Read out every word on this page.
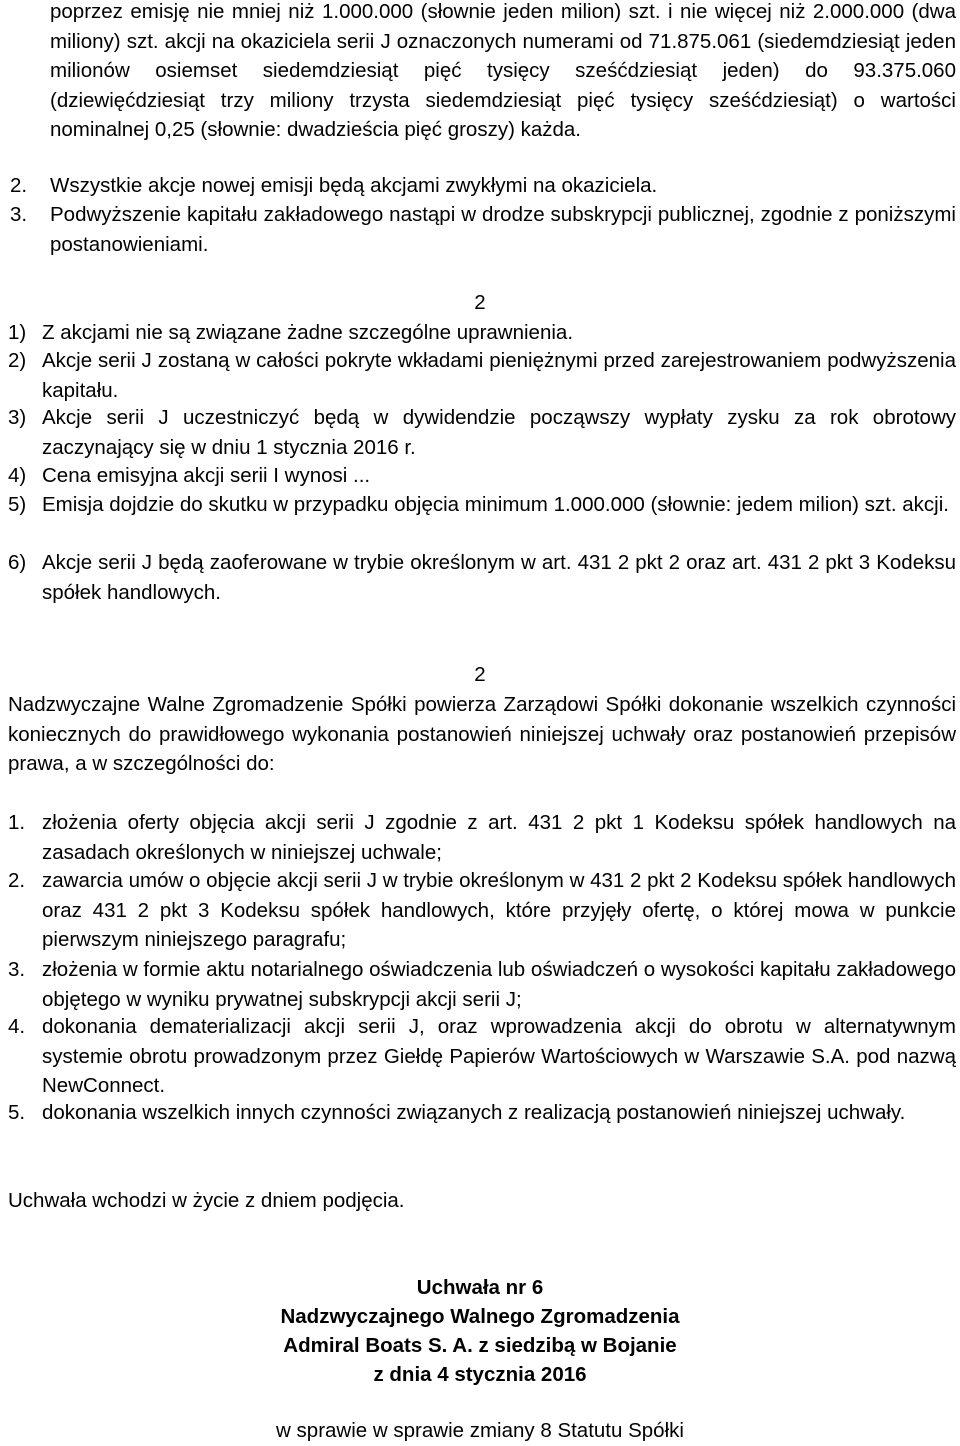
poprzez emisję nie mniej niż 1.000.000 (słownie jeden milion) szt. i nie więcej niż 2.000.000 (dwa miliony) szt. akcji na okaziciela serii J oznaczonych numerami od 71.875.061 (siedemdziesiąt jeden milionów osiemset siedemdziesiąt pięć tysięcy sześćdziesiąt jeden) do 93.375.060 (dziewięćdziesiąt trzy miliony trzysta siedemdziesiąt pięć tysięcy sześćdziesiąt) o wartości nominalnej 0,25 (słownie: dwadzieścia pięć groszy) każda.
2. Wszystkie akcje nowej emisji będą akcjami zwykłymi na okaziciela.
3. Podwyższenie kapitału zakładowego nastąpi w drodze subskrypcji publicznej, zgodnie z poniższymi postanowieniami.
2
1) Z akcjami nie są związane żadne szczególne uprawnienia.
2) Akcje serii J zostaną w całości pokryte wkładami pieniężnymi przed zarejestrowaniem podwyższenia kapitału.
3) Akcje serii J uczestniczyć będą w dywidendzie począwszy wypłaty zysku za rok obrotowy zaczynający się w dniu 1 stycznia 2016 r.
4) Cena emisyjna akcji serii I wynosi ...
5) Emisja dojdzie do skutku w przypadku objęcia minimum 1.000.000 (słownie: jedem milion) szt. akcji.
6) Akcje serii J będą zaoferowane w trybie określonym w art. 431 2 pkt 2 oraz art. 431 2 pkt 3 Kodeksu spółek handlowych.
2
Nadzwyczajne Walne Zgromadzenie Spółki powierza Zarządowi Spółki dokonanie wszelkich czynności koniecznych do prawidłowego wykonania postanowień niniejszej uchwały oraz postanowień przepisów prawa, a w szczególności do:
1. złożenia oferty objęcia akcji serii J zgodnie z art. 431 2 pkt 1 Kodeksu spółek handlowych na zasadach określonych w niniejszej uchwale;
2. zawarcia umów o objęcie akcji serii J w trybie określonym w 431 2 pkt 2 Kodeksu spółek handlowych oraz 431 2 pkt 3 Kodeksu spółek handlowych, które przyjęły ofertę, o której mowa w punkcie pierwszym niniejszego paragrafu;
3. złożenia w formie aktu notarialnego oświadczenia lub oświadczeń o wysokości kapitału zakładowego objętego w wyniku prywatnej subskrypcji akcji serii J;
4. dokonania dematerializacji akcji serii J, oraz wprowadzenia akcji do obrotu w alternatywnym systemie obrotu prowadzonym przez Giełdę Papierów Wartościowych w Warszawie S.A. pod nazwą NewConnect.
5. dokonania wszelkich innych czynności związanych z realizacją postanowień niniejszej uchwały.
Uchwała wchodzi w życie z dniem podjęcia.
Uchwała nr 6
Nadzwyczajnego Walnego Zgromadzenia
Admiral Boats S. A. z siedzibą w Bojanie
z dnia 4 stycznia 2016
w sprawie w sprawie zmiany 8 Statutu Spółki
